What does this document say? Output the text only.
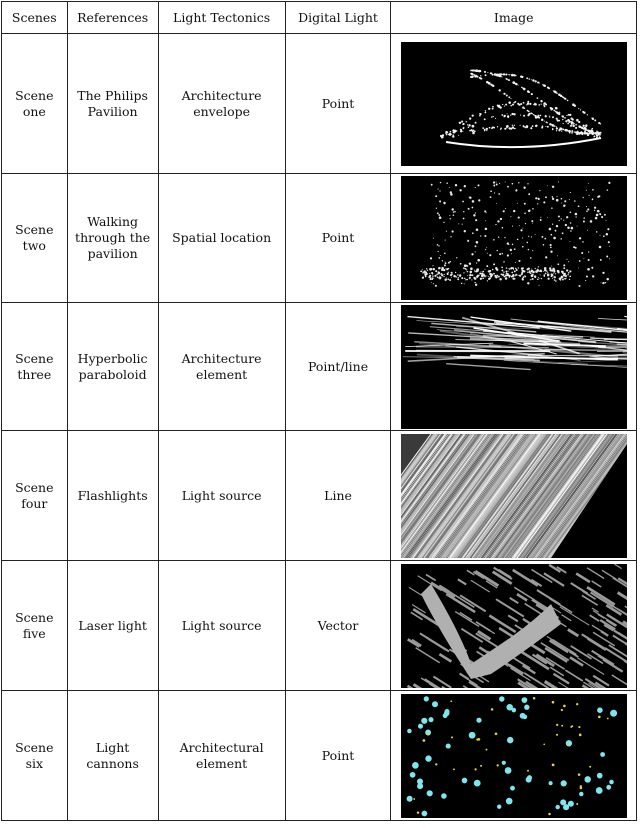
Scenes	References	Light Tectonics	Digital Light	Image
Scene one	The Philips Pavilion	Architecture envelope	Point	

Scene two	Walking through the pavilion	Spatial location	Point	

Scene three	Hyperbolic paraboloid	Architecture element	Point/line	

Scene four	Flashlights	Light source	Line	

Scene five	Laser light	Light source	Vector	

Scene six	Light cannons	Architectural element	Point	
